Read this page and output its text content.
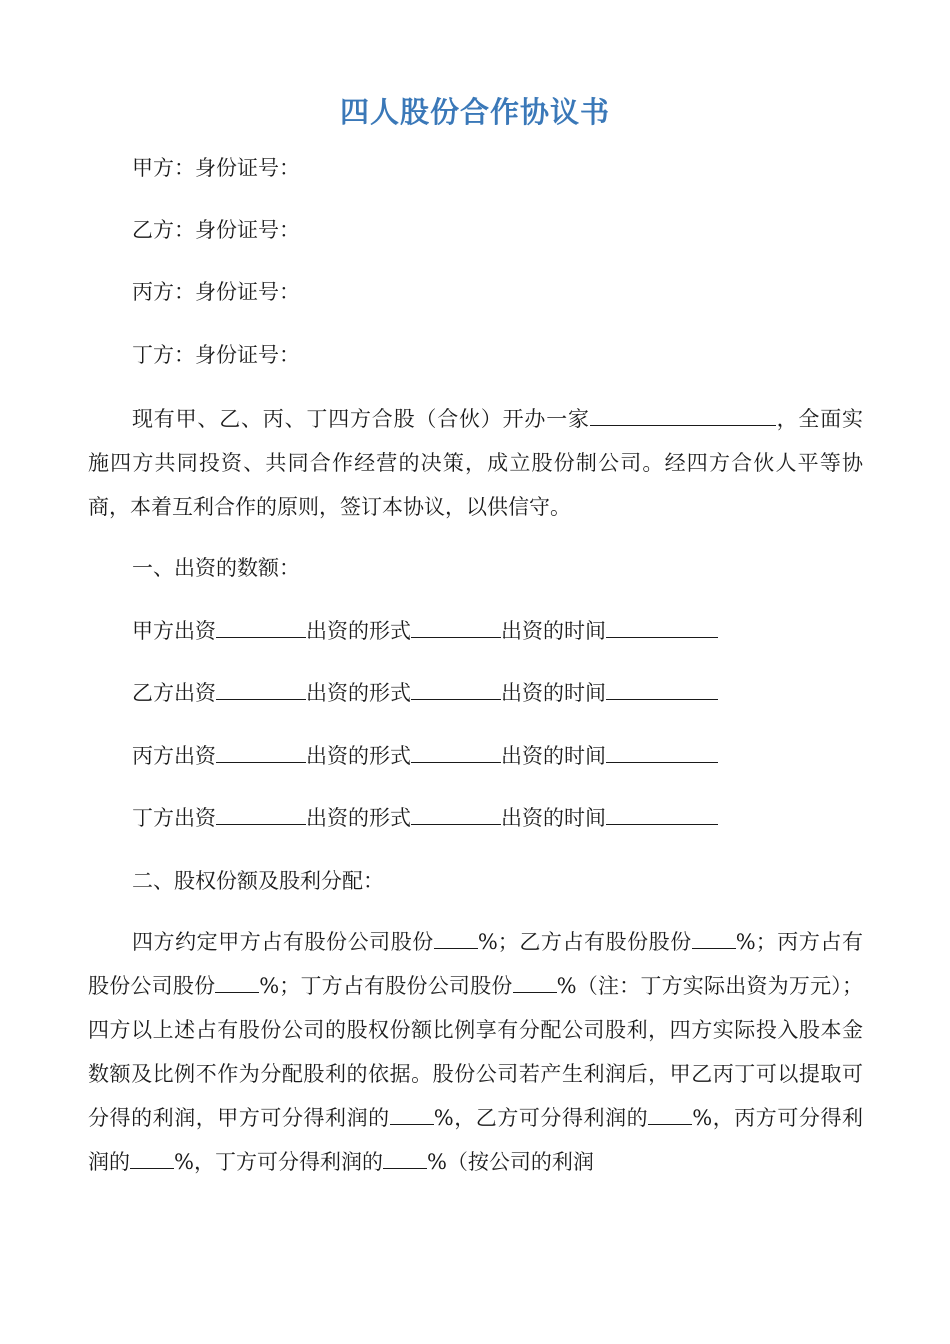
四人股份合作协议书
甲方：身份证号：
乙方：身份证号：
丙方：身份证号：
丁方：身份证号：
现有甲、乙、丙、丁四方合股（合伙）开办一家	，全面实施四方共同投资、共同合作经营的决策，成立股份制公司。经四方合伙人平等协商，本着互利合作的原则，签订本协议，以供信守。
一、出资的数额：
甲方出资	出资的形式	出资的时间
乙方出资	出资的形式	出资的时间
丙方出资	出资的形式	出资的时间
丁方出资	出资的形式	出资的时间
二、股权份额及股利分配：
四方约定甲方占有股份公司股份 %；乙方占有股份股份 %；丙方占有股份公司股份 %；丁方占有股份公司股份 %（注：丁方实际出资为万元）；四方以上述占有股份公司的股权份额比例享有分配公司股利，四方实际投入股本金数额及比例不作为分配股利的依据。股份公司若产生利润后，甲乙丙丁可以提取可分得的利润，甲方可分得利润的 %，乙方可分得利润的 %，丙方可分得利润的 %，丁方可分得利润的 %（按公司的利润
